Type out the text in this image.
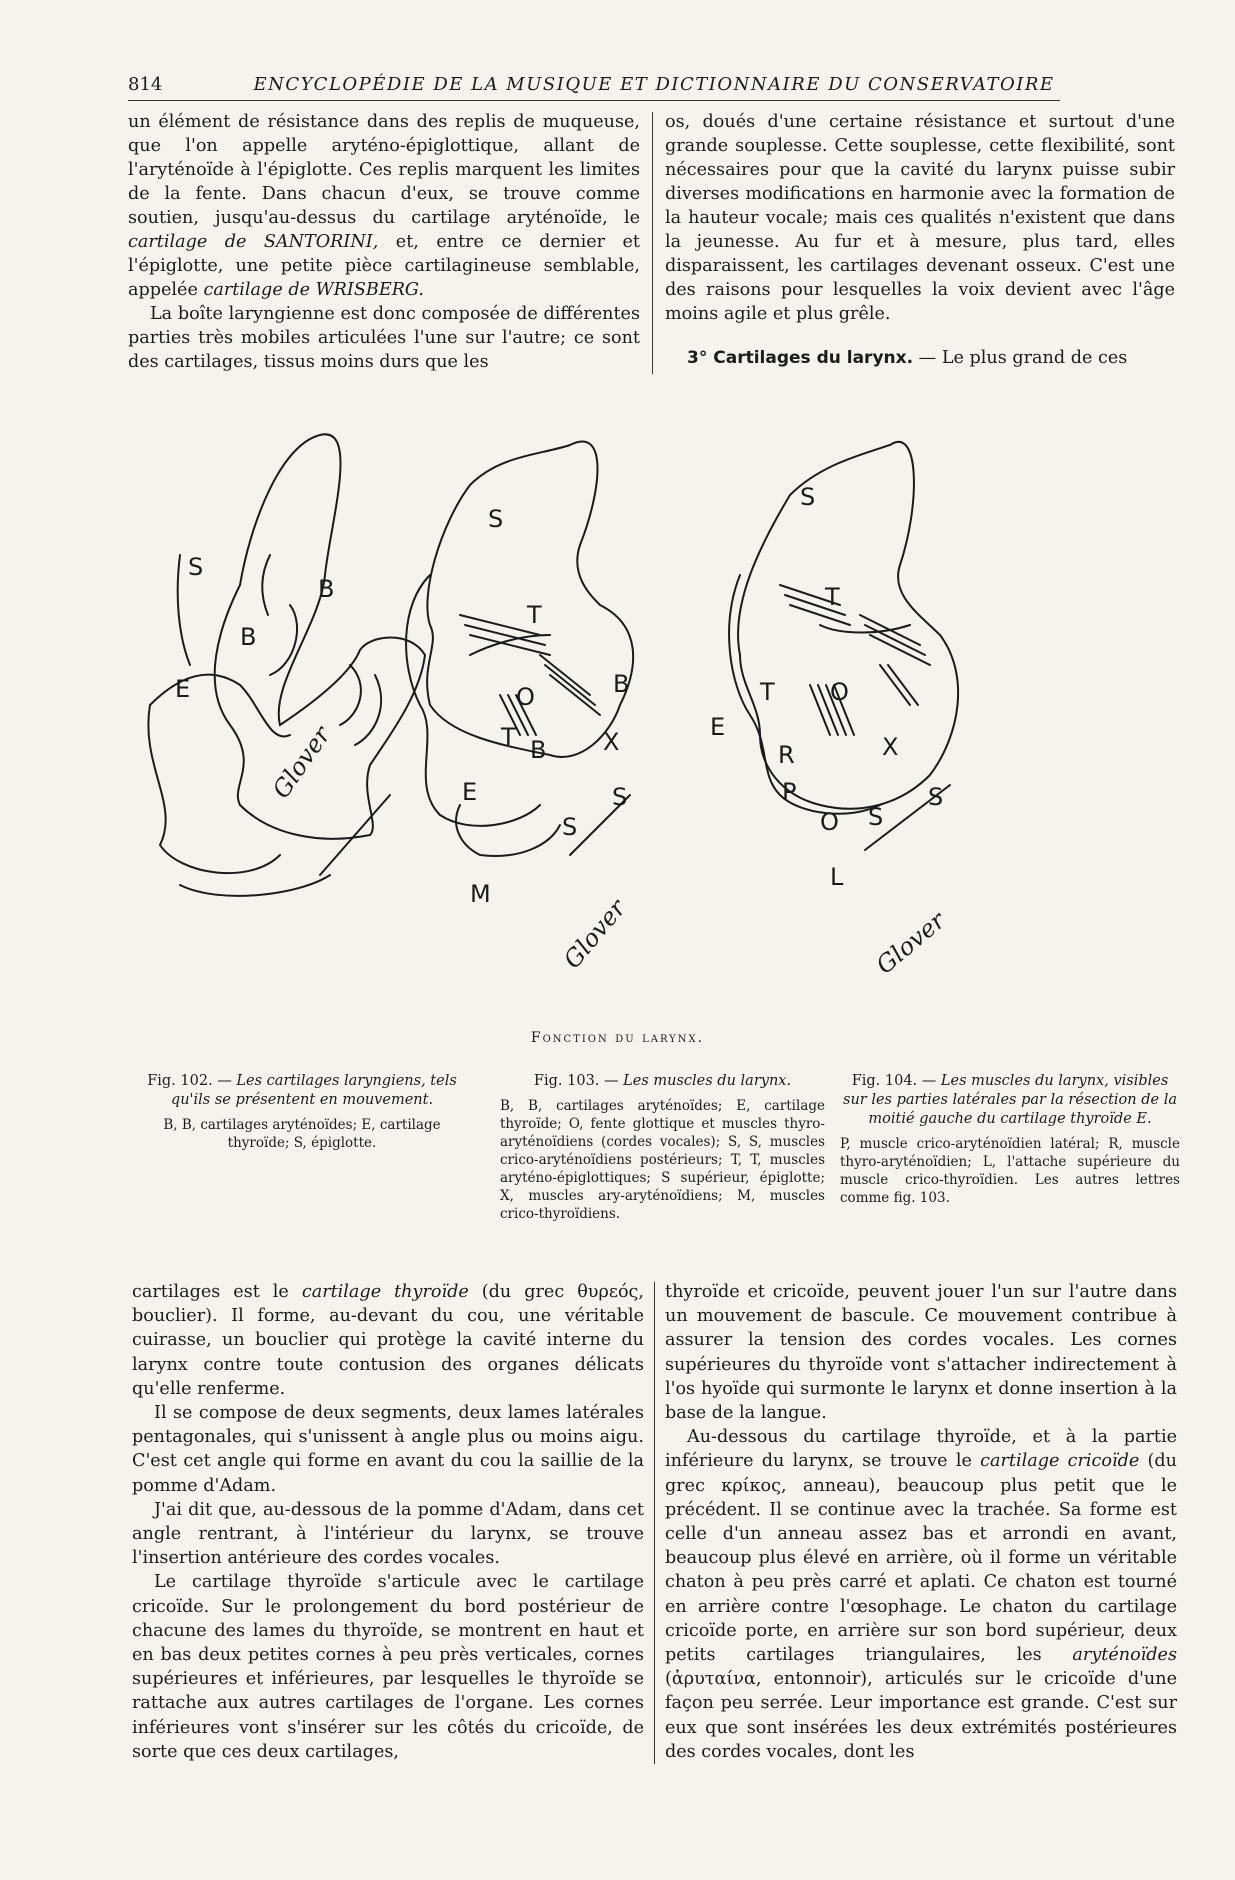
814	ENCYCLOPÉDIE DE LA MUSIQUE ET DICTIONNAIRE DU CONSERVATOIRE

un élément de résistance dans des replis de muqueuse, que l'on appelle aryténo-épiglottique, allant de l'aryténoïde à l'épiglotte. Ces replis marquent les limites de la fente. Dans chacun d'eux, se trouve comme soutien, jusqu'au-dessus du cartilage aryténoïde, le cartilage de SANTORINI, et, entre ce dernier et l'épiglotte, une petite pièce cartilagineuse semblable, appelée cartilage de WRISBERG.

La boîte laryngienne est donc composée de différentes parties très mobiles articulées l'une sur l'autre; ce sont des cartilages, tissus moins durs que les

os, doués d'une certaine résistance et surtout d'une grande souplesse. Cette souplesse, cette flexibilité, sont nécessaires pour que la cavité du larynx puisse subir diverses modifications en harmonie avec la formation de la hauteur vocale; mais ces qualités n'existent que dans la jeunesse. Au fur et à mesure, plus tard, elles disparaissent, les cartilages devenant osseux. C'est une des raisons pour lesquelles la voix devient avec l'âge moins agile et plus grêle.

3° Cartilages du larynx. — Le plus grand de ces

S
B
B
E
Glover
S
T
O	B
T B X
E	S
S
M
Glover
S
T
T O
E
X
R
P	S
S
O
L
Glover
Fonction du larynx.
Fig. 102. — Les cartilages laryngiens, tels qu'ils se présentent en mouvement.
B, B, cartilages aryténoïdes; E, cartilage thyroïde; S, épiglotte.
Fig. 103. — Les muscles du larynx.
B, B, cartilages aryténoïdes; E, cartilage thyroïde; O, fente glottique et muscles thyro-aryténoïdiens (cordes vocales); S, S, muscles crico-aryténoïdiens postérieurs; T, T, muscles aryténo-épiglottiques; S supérieur, épiglotte; X, muscles ary-aryténoïdiens; M, muscles crico-thyroïdiens.
Fig. 104. — Les muscles du larynx, visibles sur les parties latérales par la résection de la moitié gauche du cartilage thyroïde E.
P, muscle crico-aryténoïdien latéral; R, muscle thyro-aryténoïdien; L, l'attache supérieure du muscle crico-thyroïdien. Les autres lettres comme fig. 103.

cartilages est le cartilage thyroïde (du grec θυρεός, bouclier). Il forme, au-devant du cou, une véritable cuirasse, un bouclier qui protège la cavité interne du larynx contre toute contusion des organes délicats qu'elle renferme.

Il se compose de deux segments, deux lames latérales pentagonales, qui s'unissent à angle plus ou moins aigu. C'est cet angle qui forme en avant du cou la saillie de la pomme d'Adam.

J'ai dit que, au-dessous de la pomme d'Adam, dans cet angle rentrant, à l'intérieur du larynx, se trouve l'insertion antérieure des cordes vocales.

Le cartilage thyroïde s'articule avec le cartilage cricoïde. Sur le prolongement du bord postérieur de chacune des lames du thyroïde, se montrent en haut et en bas deux petites cornes à peu près verticales, cornes supérieures et inférieures, par lesquelles le thyroïde se rattache aux autres cartilages de l'organe. Les cornes inférieures vont s'insérer sur les côtés du cricoïde, de sorte que ces deux cartilages,

thyroïde et cricoïde, peuvent jouer l'un sur l'autre dans un mouvement de bascule. Ce mouvement contribue à assurer la tension des cordes vocales. Les cornes supérieures du thyroïde vont s'attacher indirectement à l'os hyoïde qui surmonte le larynx et donne insertion à la base de la langue.

Au-dessous du cartilage thyroïde, et à la partie inférieure du larynx, se trouve le cartilage cricoïde (du grec κρίκος, anneau), beaucoup plus petit que le précédent. Il se continue avec la trachée. Sa forme est celle d'un anneau assez bas et arrondi en avant, beaucoup plus élevé en arrière, où il forme un véritable chaton à peu près carré et aplati. Ce chaton est tourné en arrière contre l'œsophage. Le chaton du cartilage cricoïde porte, en arrière sur son bord supérieur, deux petits cartilages triangulaires, les aryténoïdes (ἀρυταίνα, entonnoir), articulés sur le cricoïde d'une façon peu serrée. Leur importance est grande. C'est sur eux que sont insérées les deux extrémités postérieures des cordes vocales, dont les
